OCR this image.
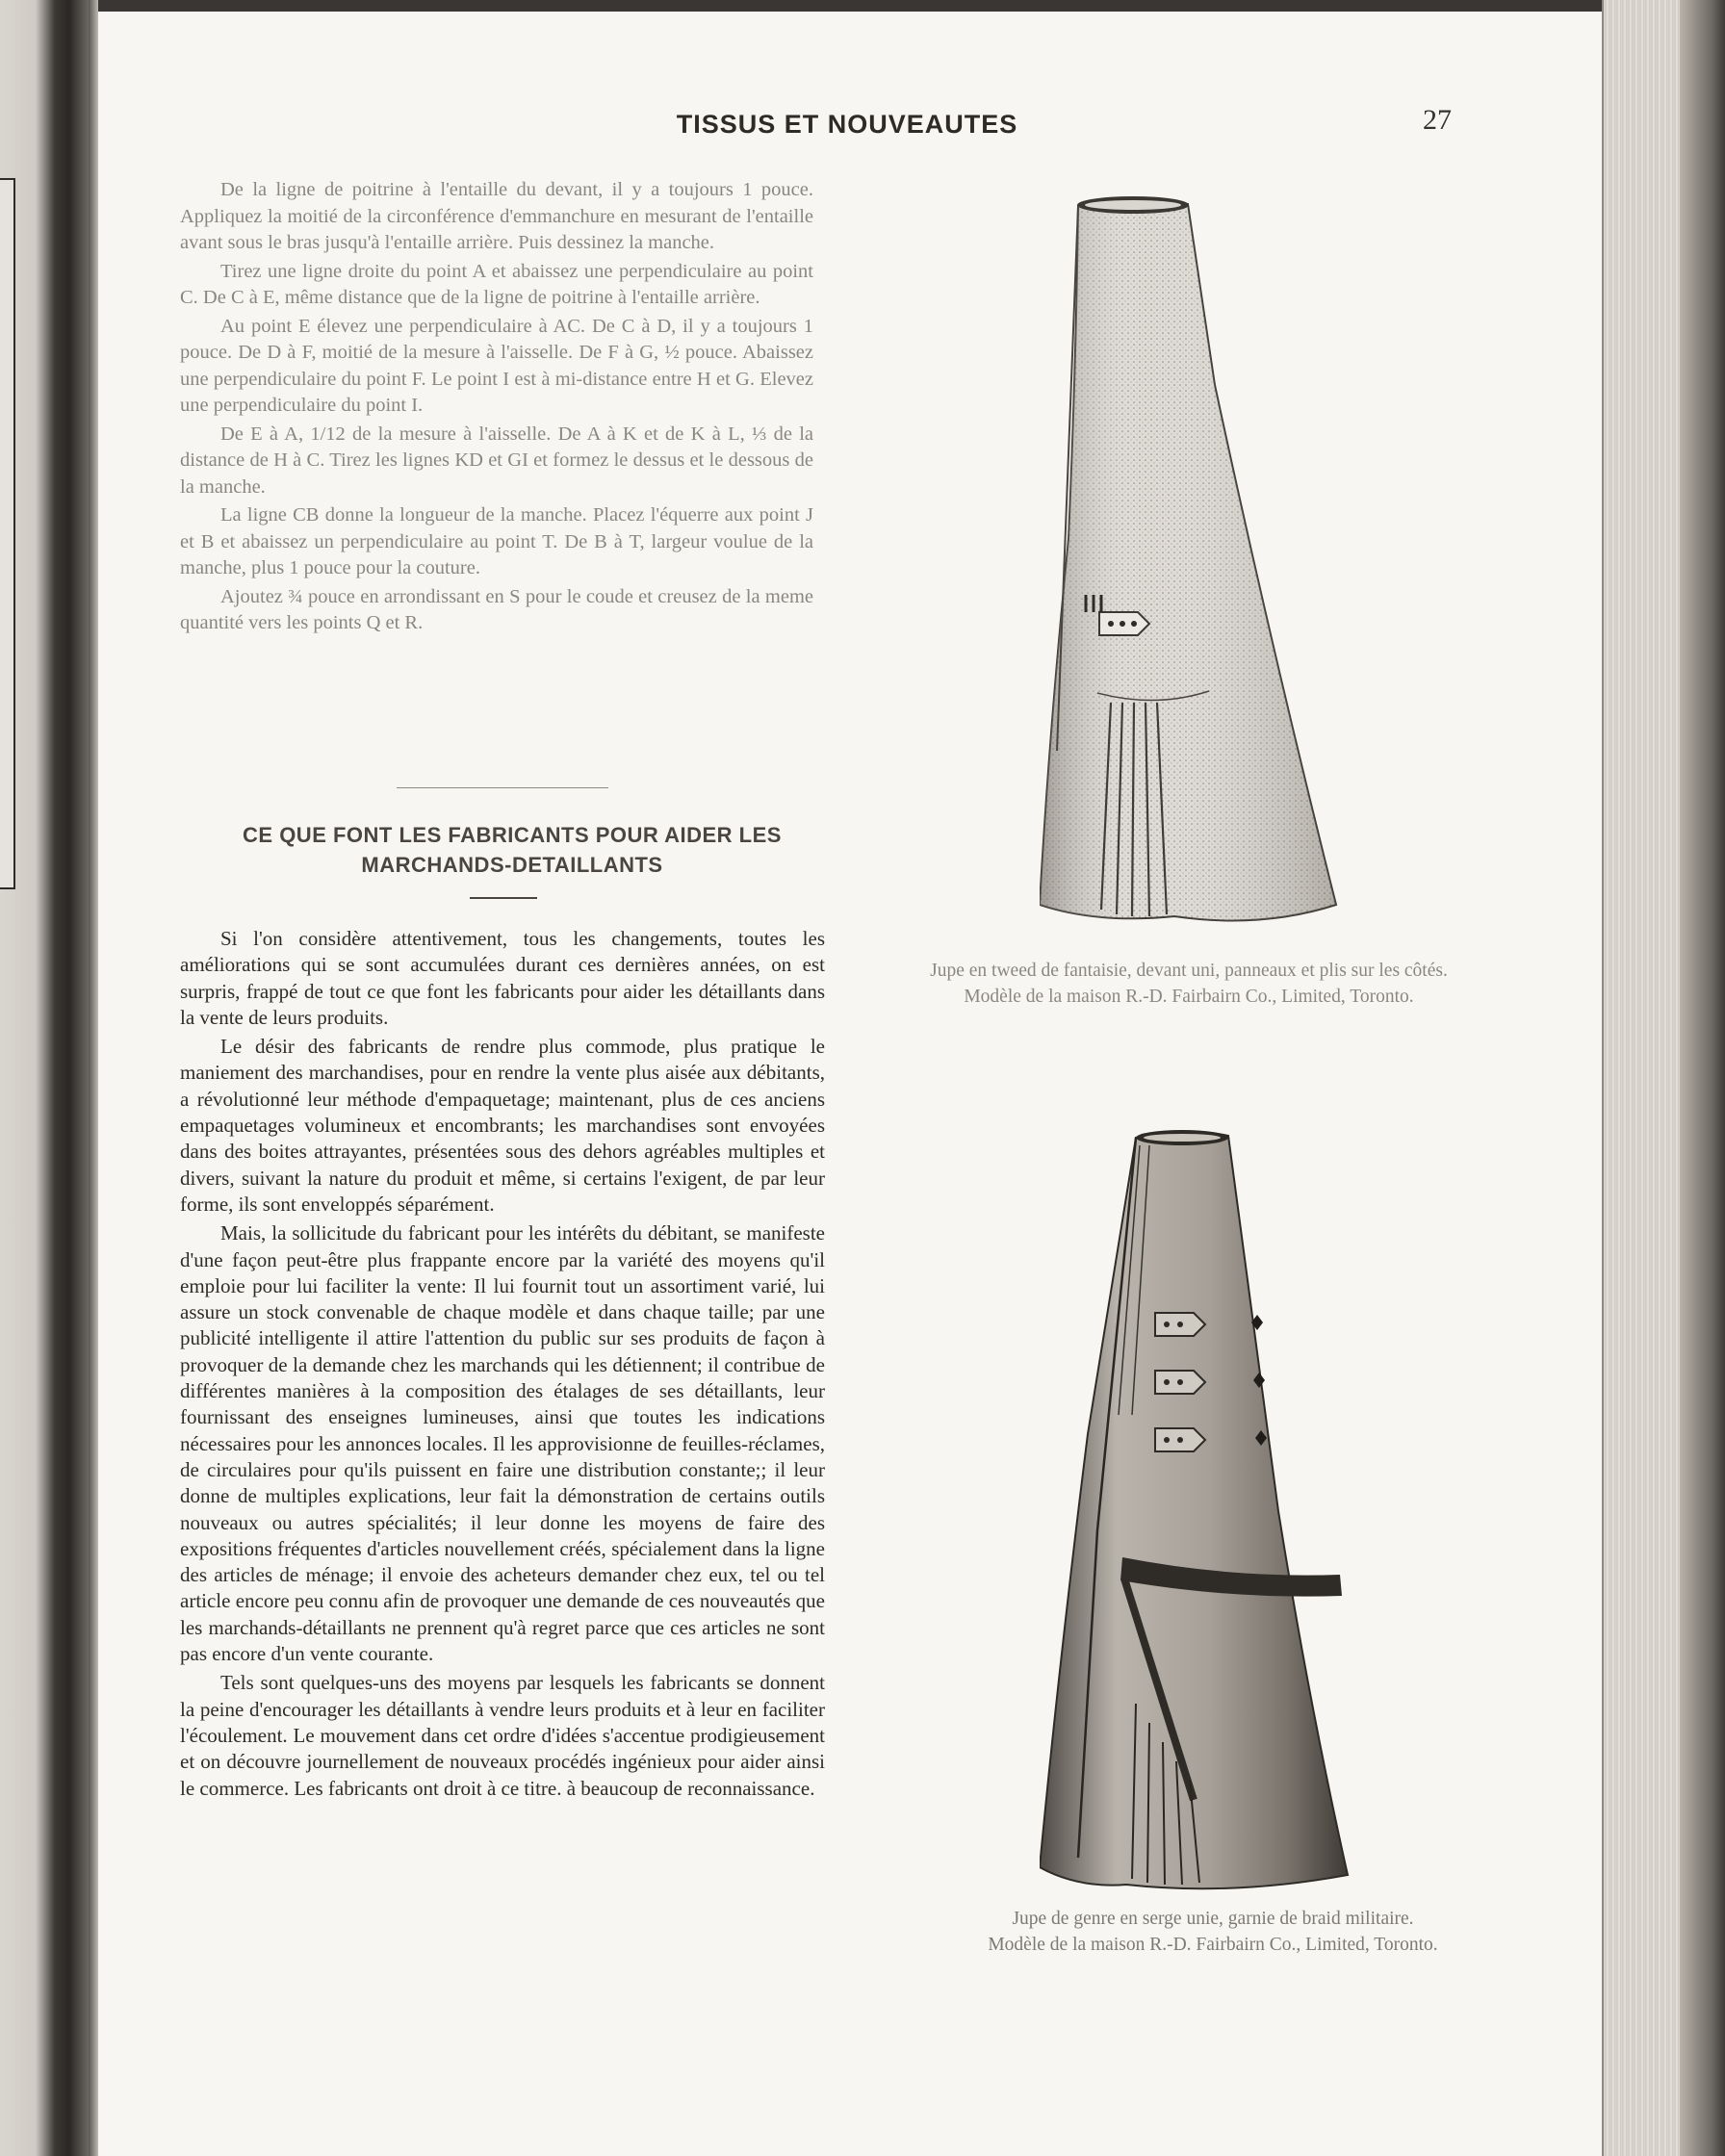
TISSUS ET NOUVEAUTES	27

De la ligne de poitrine à l'entaille du devant, il y a toujours 1 pouce. Appliquez la moitié de la circonférence d'emmanchure en mesurant de l'entaille avant sous le bras jusqu'à l'entaille arrière. Puis dessinez la manche.

Tirez une ligne droite du point A et abaissez une perpendiculaire au point C. De C à E, même distance que de la ligne de poitrine à l'entaille arrière.

Au point E élevez une perpendiculaire à AC. De C à D, il y a toujours 1 pouce. De D à F, moitié de la mesure à l'aisselle. De F à G, ½ pouce. Abaissez une perpendiculaire du point F. Le point I est à mi-distance entre H et G. Elevez une perpendiculaire du point I.

De E à A, 1/12 de la mesure à l'aisselle. De A à K et de K à L, ⅓ de la distance de H à C. Tirez les lignes KD et GI et formez le dessus et le dessous de la manche.

La ligne CB donne la longueur de la manche. Placez l'équerre aux point J et B et abaissez un perpendiculaire au point T. De B à T, largeur voulue de la manche, plus 1 pouce pour la couture.

Ajoutez ¾ pouce en arrondissant en S pour le coude et creusez de la meme quantité vers les points Q et R.

CE QUE FONT LES FABRICANTS POUR AIDER LES
MARCHANDS-DETAILLANTS

Si l'on considère attentivement, tous les changements, toutes les améliorations qui se sont accumulées durant ces dernières années, on est surpris, frappé de tout ce que font les fabricants pour aider les détaillants dans la vente de leurs produits.

Le désir des fabricants de rendre plus commode, plus pratique le maniement des marchandises, pour en rendre la vente plus aisée aux débitants, a révolutionné leur méthode d'empaquetage; maintenant, plus de ces anciens empaquetages volumineux et encombrants; les marchandises sont envoyées dans des boites attrayantes, présentées sous des dehors agréables multiples et divers, suivant la nature du produit et même, si certains l'exigent, de par leur forme, ils sont enveloppés séparément.

Mais, la sollicitude du fabricant pour les intérêts du débitant, se manifeste d'une façon peut-être plus frappante encore par la variété des moyens qu'il emploie pour lui faciliter la vente: Il lui fournit tout un assortiment varié, lui assure un stock convenable de chaque modèle et dans chaque taille; par une publicité intelligente il attire l'attention du public sur ses produits de façon à provoquer de la demande chez les marchands qui les détiennent; il contribue de différentes manières à la composition des étalages de ses détaillants, leur fournissant des enseignes lumineuses, ainsi que toutes les indications nécessaires pour les annonces locales. Il les approvisionne de feuilles-réclames, de circulaires pour qu'ils puissent en faire une distribution constante;; il leur donne de multiples explications, leur fait la démonstration de certains outils nouveaux ou autres spécialités; il leur donne les moyens de faire des expositions fréquentes d'articles nouvellement créés, spécialement dans la ligne des articles de ménage; il envoie des acheteurs demander chez eux, tel ou tel article encore peu connu afin de provoquer une demande de ces nouveautés que les marchands-détaillants ne prennent qu'à regret parce que ces articles ne sont pas encore d'un vente courante.

Tels sont quelques-uns des moyens par lesquels les fabricants se donnent la peine d'encourager les détaillants à vendre leurs produits et à leur en faciliter l'écoulement. Le mouvement dans cet ordre d'idées s'accentue prodigieusement et on découvre journellement de nouveaux procédés ingénieux pour aider ainsi le commerce. Les fabricants ont droit à ce titre. à beaucoup de reconnaissance.

Jupe en tweed de fantaisie, devant uni, panneaux et plis sur les côtés.
Modèle de la maison R.-D. Fairbairn Co., Limited, Toronto.
Jupe de genre en serge unie, garnie de braid militaire.
Modèle de la maison R.-D. Fairbairn Co., Limited, Toronto.
